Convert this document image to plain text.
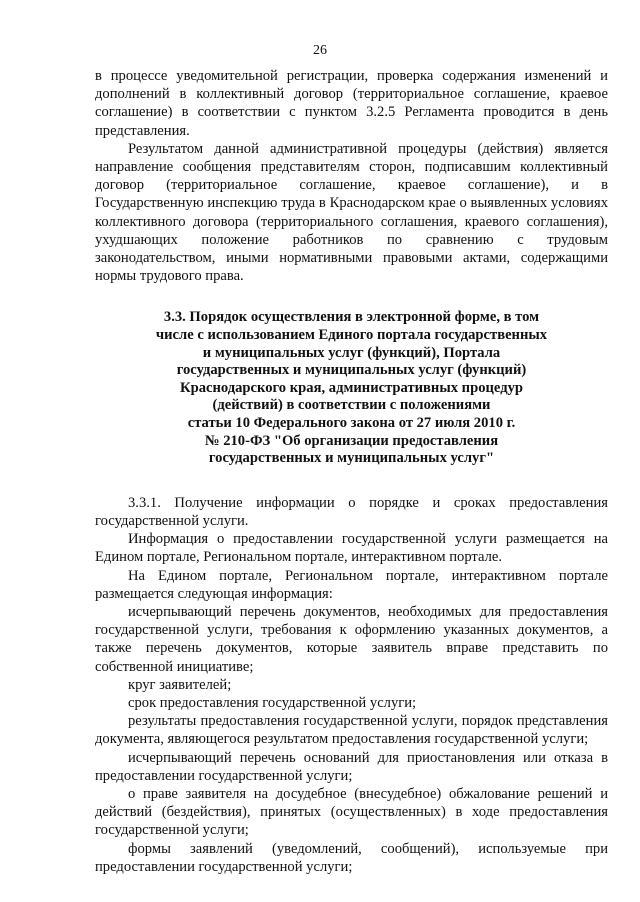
26

в процессе уведомительной регистрации, проверка содержания изменений и дополнений в коллективный договор (территориальное соглашение, краевое соглашение) в соответствии с пунктом 3.2.5 Регламента проводится в день представления.

Результатом данной административной процедуры (действия) является направление сообщения представителям сторон, подписавшим коллективный договор (территориальное соглашение, краевое соглашение), и в Государственную инспекцию труда в Краснодарском крае о выявленных условиях коллективного договора (территориального соглашения, краевого соглашения), ухудшающих положение работников по сравнению с трудовым законодательством, иными нормативными правовыми актами, содержащими нормы трудового права.

3.3. Порядок осуществления в электронной форме, в том
числе с использованием Единого портала государственных
и муниципальных услуг (функций), Портала
государственных и муниципальных услуг (функций)
Краснодарского края, административных процедур
(действий) в соответствии с положениями
статьи 10 Федерального закона от 27 июля 2010 г.
№ 210-ФЗ "Об организации предоставления
государственных и муниципальных услуг"

3.3.1. Получение информации о порядке и сроках предоставления государственной услуги.

Информация о предоставлении государственной услуги размещается на Едином портале, Региональном портале, интерактивном портале.

На Едином портале, Региональном портале, интерактивном портале размещается следующая информация:

исчерпывающий перечень документов, необходимых для предоставления государственной услуги, требования к оформлению указанных документов, а также перечень документов, которые заявитель вправе представить по собственной инициативе;

круг заявителей;

срок предоставления государственной услуги;

результаты предоставления государственной услуги, порядок представления документа, являющегося результатом предоставления государственной услуги;

исчерпывающий перечень оснований для приостановления или отказа в предоставлении государственной услуги;

о праве заявителя на досудебное (внесудебное) обжалование решений и действий (бездействия), принятых (осуществленных) в ходе предоставления государственной услуги;

формы заявлений (уведомлений, сообщений), используемые при предоставлении государственной услуги;
